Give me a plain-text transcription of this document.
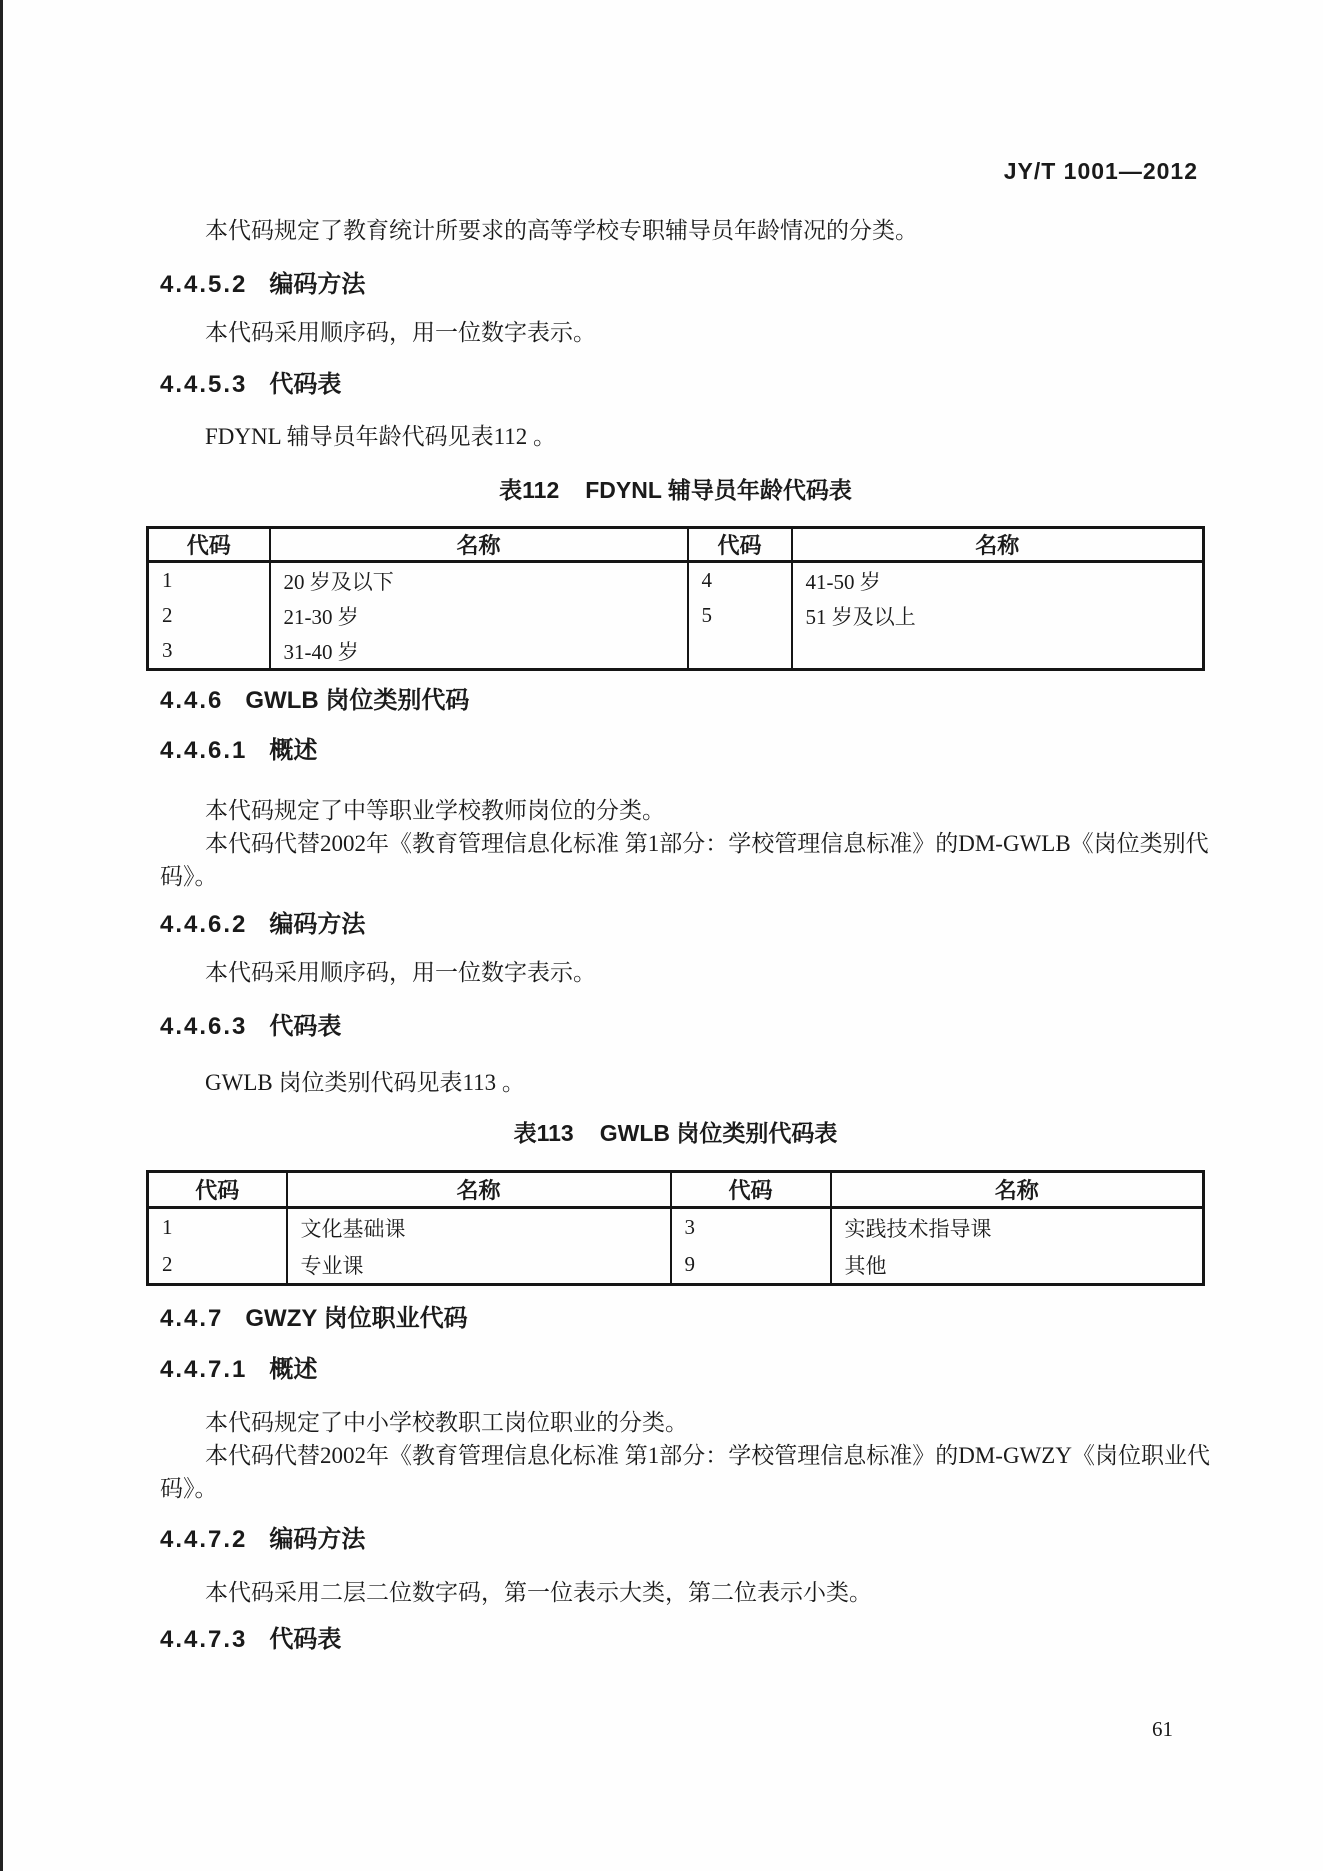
JY/T 1001—2012
本代码规定了教育统计所要求的高等学校专职辅导员年龄情况的分类。
4.4.5.2 编码方法
本代码采用顺序码，用一位数字表示。
4.4.5.3 代码表
FDYNL 辅导员年龄代码见表112 。
表112 FDYNL 辅导员年龄代码表
代码	名称	代码	名称
1	20 岁及以下	4	41-50 岁
2	21-30 岁	5	51 岁及以上
3	31-40 岁		
4.4.6 GWLB 岗位类别代码
4.4.6.1 概述
本代码规定了中等职业学校教师岗位的分类。
本代码代替2002年《教育管理信息化标准 第1部分：学校管理信息标准》的DM-GWLB《岗位类别代
码》。
4.4.6.2 编码方法
本代码采用顺序码，用一位数字表示。
4.4.6.3 代码表
GWLB 岗位类别代码见表113 。
表113 GWLB 岗位类别代码表
代码	名称	代码	名称
1	文化基础课	3	实践技术指导课
2	专业课	9	其他
4.4.7 GWZY 岗位职业代码
4.4.7.1 概述
本代码规定了中小学校教职工岗位职业的分类。
本代码代替2002年《教育管理信息化标准 第1部分：学校管理信息标准》的DM-GWZY《岗位职业代
码》。
4.4.7.2 编码方法
本代码采用二层二位数字码，第一位表示大类，第二位表示小类。
4.4.7.3 代码表
61
